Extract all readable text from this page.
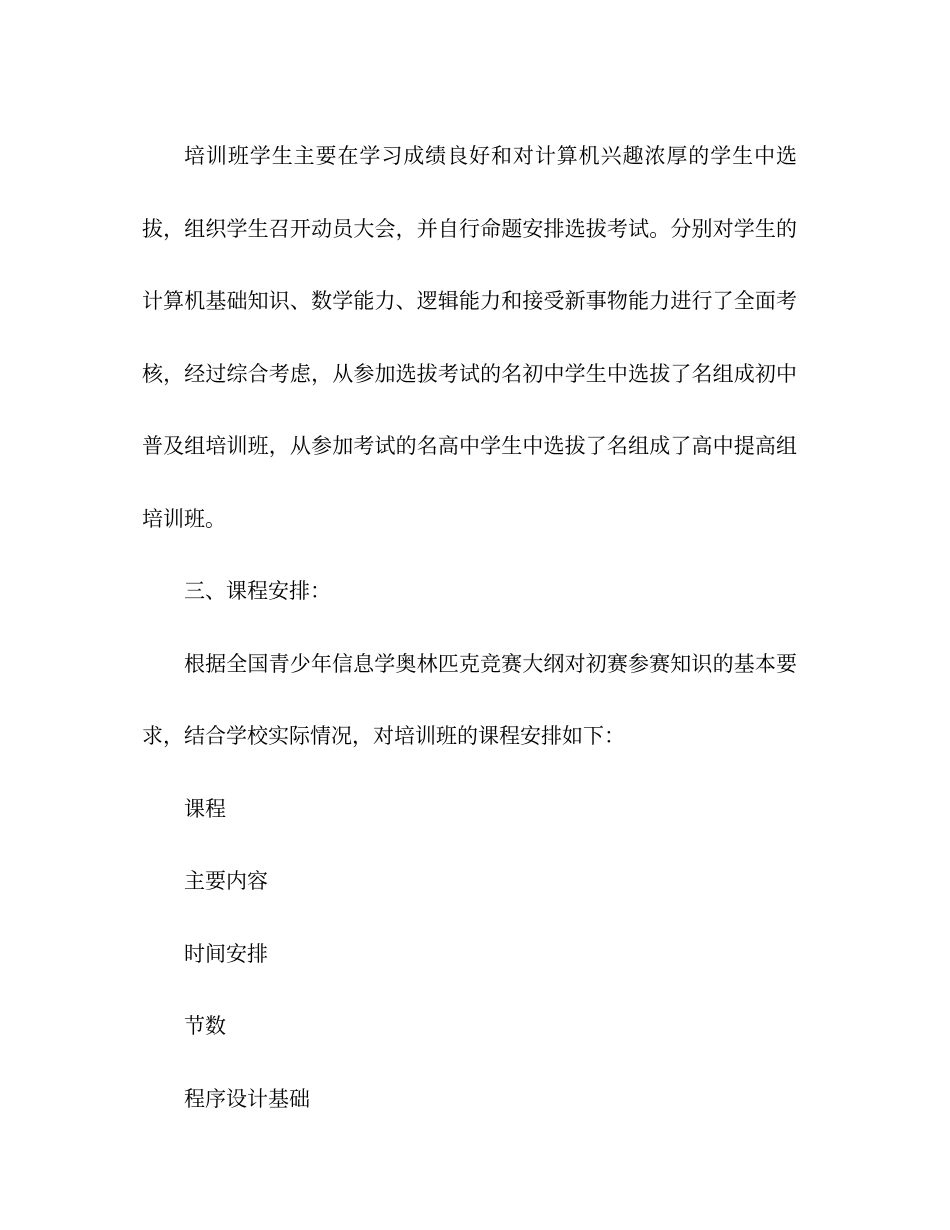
培训班学生主要在学习成绩良好和对计算机兴趣浓厚的学生中选拔，组织学生召开动员大会，并自行命题安排选拔考试。分别对学生的计算机基础知识、数学能力、逻辑能力和接受新事物能力进行了全面考核，经过综合考虑，从参加选拔考试的名初中学生中选拔了名组成初中普及组培训班，从参加考试的名高中学生中选拔了名组成了高中提高组培训班。

三、课程安排：

根据全国青少年信息学奥林匹克竞赛大纲对初赛参赛知识的基本要求，结合学校实际情况，对培训班的课程安排如下：

课程

主要内容

时间安排

节数

程序设计基础
